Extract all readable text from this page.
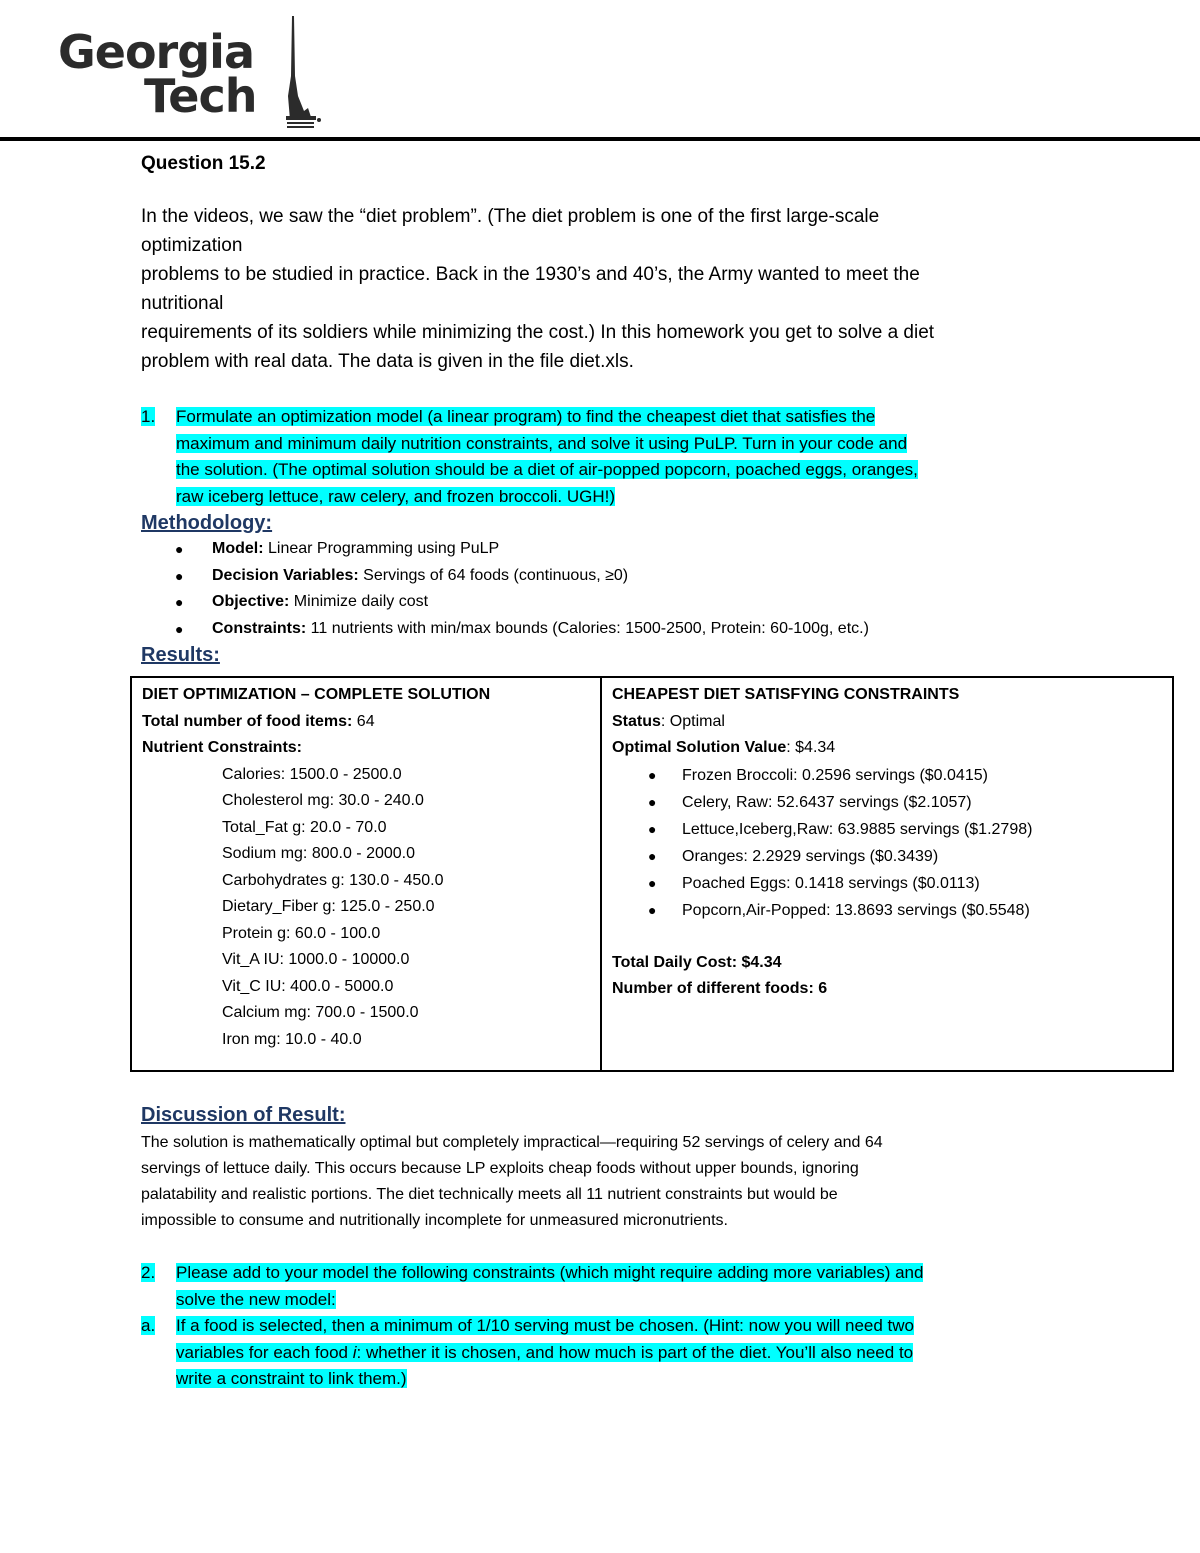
Georgia
Tech
Question 15.2

In the videos, we saw the “diet problem”. (The diet problem is one of the first large-scale

optimization

problems to be studied in practice. Back in the 1930’s and 40’s, the Army wanted to meet the

nutritional

requirements of its soldiers while minimizing the cost.) In this homework you get to solve a diet

problem with real data. The data is given in the file diet.xls.

1.	Formulate an optimization model (a linear program) to find the cheapest diet that satisfies the
maximum and minimum daily nutrition constraints, and solve it using PuLP. Turn in your code and
the solution. (The optimal solution should be a diet of air-popped popcorn, poached eggs, oranges,
raw iceberg lettuce, raw celery, and frozen broccoli. UGH!)
Methodology:
●	Model: Linear Programming using PuLP
●	Decision Variables: Servings of 64 foods (continuous, ≥0)
●	Objective: Minimize daily cost
●	Constraints: 11 nutrients with min/max bounds (Calories: 1500-2500, Protein: 60-100g, etc.)
Results:
DIET OPTIMIZATION – COMPLETE SOLUTION
Total number of food items: 64
Nutrient Constraints:
Calories: 1500.0 - 2500.0
Cholesterol mg: 30.0 - 240.0
Total_Fat g: 20.0 - 70.0
Sodium mg: 800.0 - 2000.0
Carbohydrates g: 130.0 - 450.0
Dietary_Fiber g: 125.0 - 250.0
Protein g: 60.0 - 100.0
Vit_A IU: 1000.0 - 10000.0
Vit_C IU: 400.0 - 5000.0
Calcium mg: 700.0 - 1500.0
Iron mg: 10.0 - 40.0
CHEAPEST DIET SATISFYING CONSTRAINTS
Status: Optimal
Optimal Solution Value: $4.34
●	Frozen Broccoli: 0.2596 servings ($0.0415)
●	Celery, Raw: 52.6437 servings ($2.1057)
●	Lettuce,Iceberg,Raw: 63.9885 servings ($1.2798)
●	Oranges: 2.2929 servings ($0.3439)
●	Poached Eggs: 0.1418 servings ($0.0113)
●	Popcorn,Air-Popped: 13.8693 servings ($0.5548)
Total Daily Cost: $4.34
Number of different foods: 6
Discussion of Result:
The solution is mathematically optimal but completely impractical—requiring 52 servings of celery and 64
servings of lettuce daily. This occurs because LP exploits cheap foods without upper bounds, ignoring
palatability and realistic portions. The diet technically meets all 11 nutrient constraints but would be
impossible to consume and nutritionally incomplete for unmeasured micronutrients.
2.	Please add to your model the following constraints (which might require adding more variables) and
solve the new model:
a.	If a food is selected, then a minimum of 1/10 serving must be chosen. (Hint: now you will need two
variables for each food i: whether it is chosen, and how much is part of the diet. You’ll also need to
write a constraint to link them.)
